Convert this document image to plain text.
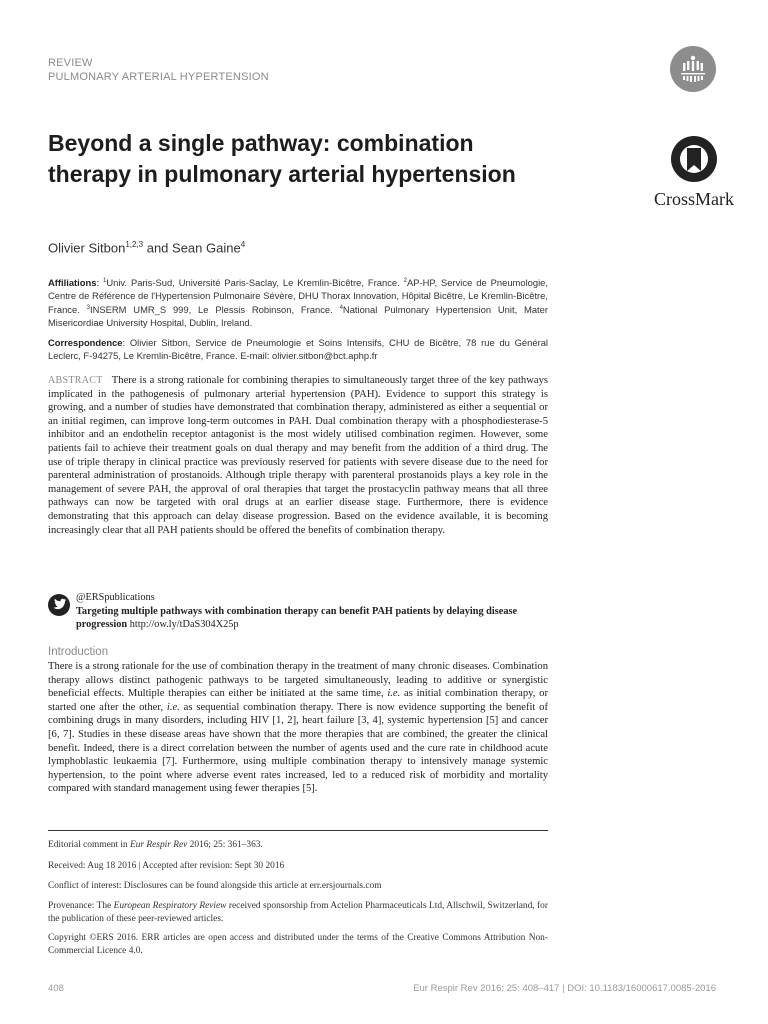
REVIEW
PULMONARY ARTERIAL HYPERTENSION
Beyond a single pathway: combination therapy in pulmonary arterial hypertension
CrossMark
Olivier Sitbon$^{1,2,3}$ and Sean Gaine$^4$
Affiliations: $^1$Univ. Paris-Sud, Université Paris-Saclay, Le Kremlin-Bicêtre, France. $^2$AP-HP, Service de Pneumologie, Centre de Référence de l'Hypertension Pulmonaire Sévère, DHU Thorax Innovation, Hôpital Bicêtre, Le Kremlin-Bicêtre, France. $^3$INSERM UMR_S 999, Le Plessis Robinson, France. $^4$National Pulmonary Hypertension Unit, Mater Misericordiae University Hospital, Dublin, Ireland.
Correspondence: Olivier Sitbon, Service de Pneumologie et Soins Intensifs, CHU de Bicêtre, 78 rue du Général Leclerc, F-94275, Le Kremlin-Bicêtre, France. E-mail: olivier.sitbon@bct.aphp.fr
ABSTRACT There is a strong rationale for combining therapies to simultaneously target three of the key pathways implicated in the pathogenesis of pulmonary arterial hypertension (PAH). Evidence to support this strategy is growing, and a number of studies have demonstrated that combination therapy, administered as either a sequential or an initial regimen, can improve long-term outcomes in PAH. Dual combination therapy with a phosphodiesterase-5 inhibitor and an endothelin receptor antagonist is the most widely utilised combination regimen. However, some patients fail to achieve their treatment goals on dual therapy and may benefit from the addition of a third drug. The use of triple therapy in clinical practice was previously reserved for patients with severe disease due to the need for parenteral administration of prostanoids. Although triple therapy with parenteral prostanoids plays a key role in the management of severe PAH, the approval of oral therapies that target the prostacyclin pathway means that all three pathways can now be targeted with oral drugs at an earlier disease stage. Furthermore, there is evidence demonstrating that this approach can delay disease progression. Based on the evidence available, it is becoming increasingly clear that all PAH patients should be offered the benefits of combination therapy.
@ERSpublications
Targeting multiple pathways with combination therapy can benefit PAH patients by delaying disease progression http://ow.ly/tDaS304X25p
Introduction
There is a strong rationale for the use of combination therapy in the treatment of many chronic diseases. Combination therapy allows distinct pathogenic pathways to be targeted simultaneously, leading to additive or synergistic beneficial effects. Multiple therapies can either be initiated at the same time, i.e. as initial combination therapy, or started one after the other, i.e. as sequential combination therapy. There is now evidence supporting the benefit of combining drugs in many disorders, including HIV [1, 2], heart failure [3, 4], systemic hypertension [5] and cancer [6, 7]. Studies in these disease areas have shown that the more therapies that are combined, the greater the clinical benefit. Indeed, there is a direct correlation between the number of agents used and the cure rate in childhood acute lymphoblastic leukaemia [7]. Furthermore, using multiple combination therapy to intensively manage systemic hypertension, to the point where adverse event rates increased, led to a reduced risk of morbidity and mortality compared with standard management using fewer therapies [5].
Editorial comment in Eur Respir Rev 2016; 25: 361–363.
Received: Aug 18 2016 | Accepted after revision: Sept 30 2016
Conflict of interest: Disclosures can be found alongside this article at err.ersjournals.com
Provenance: The European Respiratory Review received sponsorship from Actelion Pharmaceuticals Ltd, Allschwil, Switzerland, for the publication of these peer-reviewed articles.
Copyright ©ERS 2016. ERR articles are open access and distributed under the terms of the Creative Commons Attribution Non-Commercial Licence 4.0.
408	Eur Respir Rev 2016; 25: 408–417 | DOI: 10.1183/16000617.0085-2016
